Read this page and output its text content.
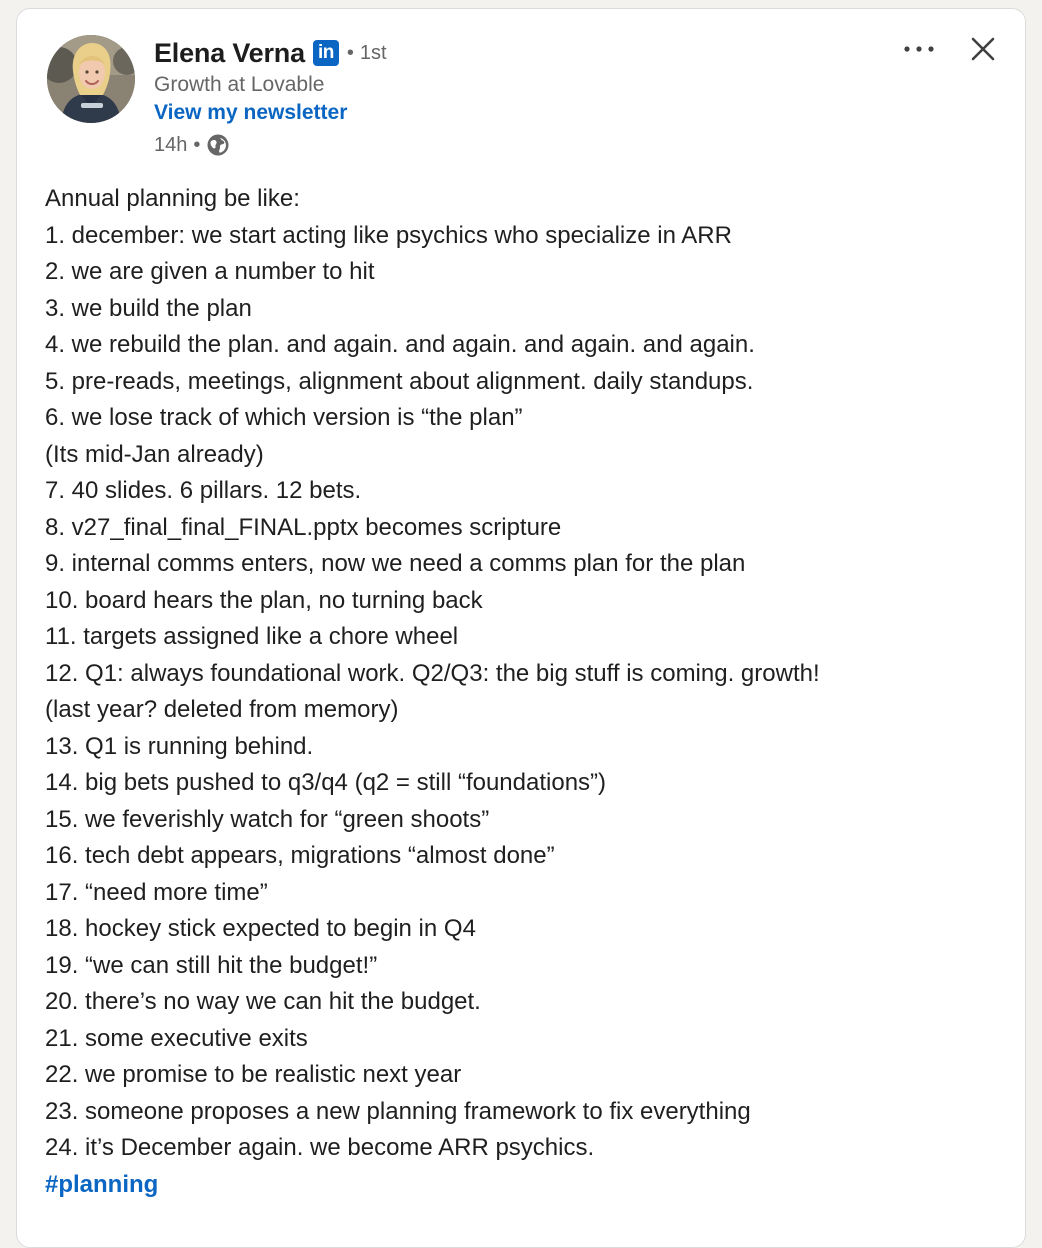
Elena Verna in • 1st
Growth at Lovable
View my newsletter
14h •
Annual planning be like:
1. december: we start acting like psychics who specialize in ARR
2. we are given a number to hit
3. we build the plan
4. we rebuild the plan. and again. and again. and again. and again.
5. pre-reads, meetings, alignment about alignment. daily standups.
6. we lose track of which version is “the plan”
(Its mid-Jan already)
7. 40 slides. 6 pillars. 12 bets.
8. v27_final_final_FINAL.pptx becomes scripture
9. internal comms enters, now we need a comms plan for the plan
10. board hears the plan, no turning back
11. targets assigned like a chore wheel
12. Q1: always foundational work. Q2/Q3: the big stuff is coming. growth!
(last year? deleted from memory)
13. Q1 is running behind.
14. big bets pushed to q3/q4 (q2 = still “foundations”)
15. we feverishly watch for “green shoots”
16. tech debt appears, migrations “almost done”
17. “need more time”
18. hockey stick expected to begin in Q4
19. “we can still hit the budget!”
20. there’s no way we can hit the budget.
21. some executive exits
22. we promise to be realistic next year
23. someone proposes a new planning framework to fix everything
24. it’s December again. we become ARR psychics.
#planning
